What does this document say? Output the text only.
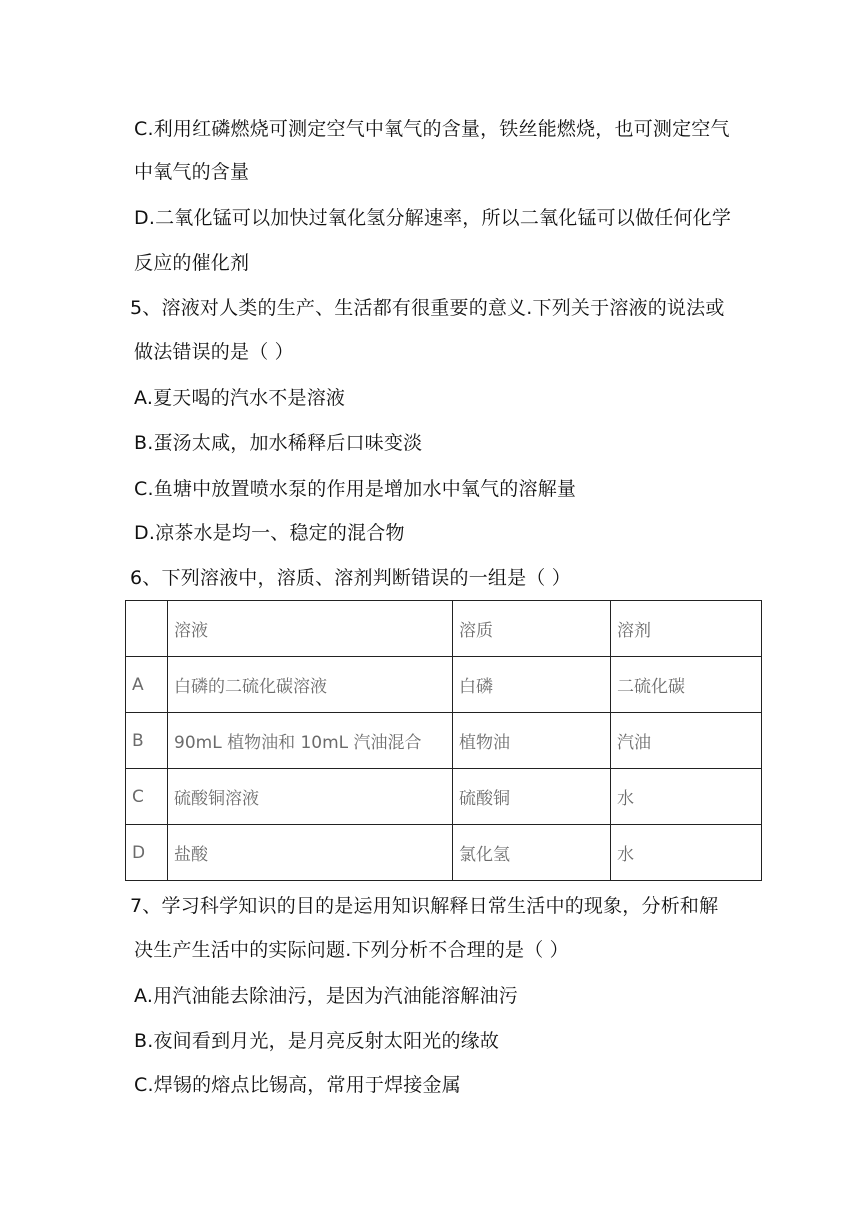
C.利用红磷燃烧可测定空气中氧气的含量，铁丝能燃烧，也可测定空气
中氧气的含量
D.二氧化锰可以加快过氧化氢分解速率，所以二氧化锰可以做任何化学
反应的催化剂
5、溶液对人类的生产、生活都有很重要的意义.下列关于溶液的说法或
做法错误的是（ ）
A.夏天喝的汽水不是溶液
B.蛋汤太咸，加水稀释后口味变淡
C.鱼塘中放置喷水泵的作用是增加水中氧气的溶解量
D.凉茶水是均一、稳定的混合物
6、下列溶液中，溶质、溶剂判断错误的一组是（ ）
	溶液	溶质	溶剂
A	白磷的二硫化碳溶液	白磷	二硫化碳
B	90mL 植物油和 10mL 汽油混合	植物油	汽油
C	硫酸铜溶液	硫酸铜	水
D	盐酸	氯化氢	水
7、学习科学知识的目的是运用知识解释日常生活中的现象，分析和解
决生产生活中的实际问题.下列分析不合理的是（ ）
A.用汽油能去除油污，是因为汽油能溶解油污
B.夜间看到月光，是月亮反射太阳光的缘故
C.焊锡的熔点比锡高，常用于焊接金属
